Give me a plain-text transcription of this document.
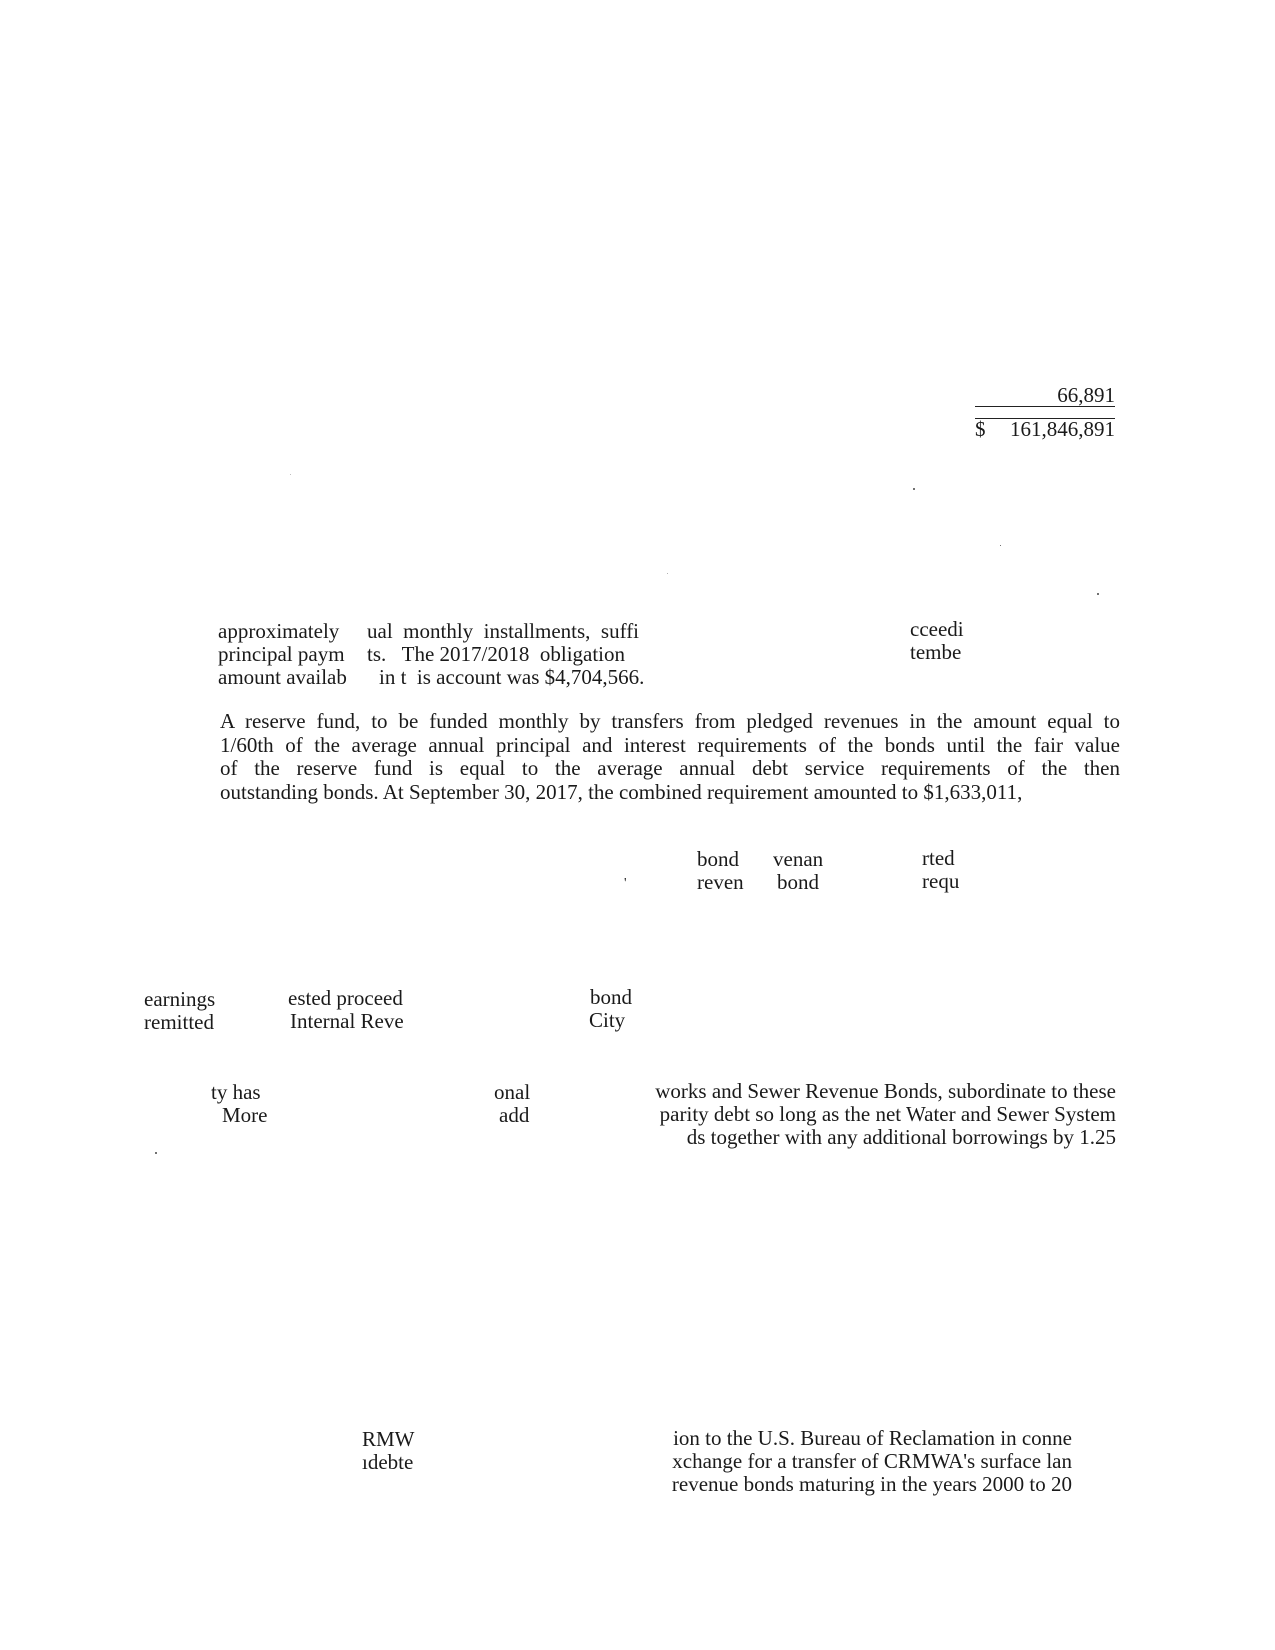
66,891
$ 161,846,891
approximately
principal paym
amount availab
ual  monthly  installments,  suffi
ts.   The 2017/2018  obligation
in t  is account was $4,704,566.
cceedi
tembe
A reserve fund, to be funded monthly by transfers from pledged revenues in the amount equal to
1/60th of the average annual principal and interest requirements of the bonds until the fair value
of the reserve fund is equal to the average annual debt service requirements of the then
outstanding bonds. At September 30, 2017, the combined requirement amounted to $1,633,011,
'
bond
reven
venan
bond
rted
requ
earnings
remitted
ested proceed
Internal Reve
bond
City
ty has
More
onal
add
works and Sewer Revenue Bonds, subordinate to these
parity debt so long as the net Water and Sewer System
ds together with any additional borrowings by 1.25
RMW
ıdebte
ion to the U.S. Bureau of Reclamation in conne
xchange for a transfer of CRMWA's surface lan
revenue bonds maturing in the years 2000 to 20
